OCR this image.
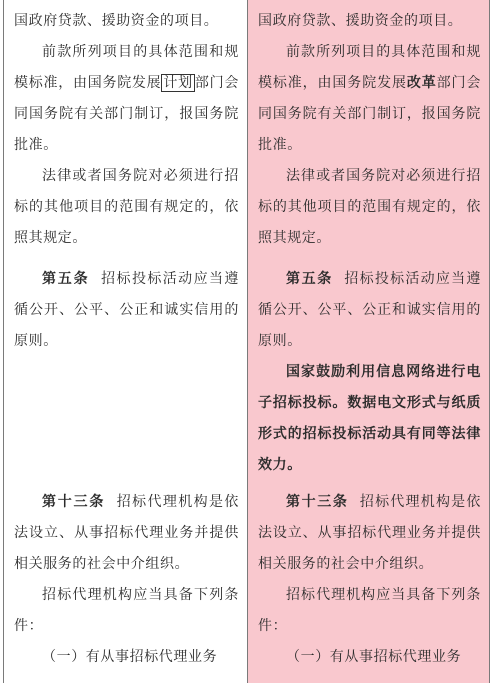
国政府贷款、援助资金的项目。

前款所列项目的具体范围和规模标准，由国务院发展 计划 部门会同国务院有关部门制订，报国务院批准。

法律或者国务院对必须进行招标的其他项目的范围有规定的，依照其规定。

国政府贷款、援助资金的项目。

前款所列项目的具体范围和规模标准，由国务院发展改革部门会同国务院有关部门制订，报国务院批准。

法律或者国务院对必须进行招标的其他项目的范围有规定的，依照其规定。

第五条 招标投标活动应当遵循公开、公平、公正和诚实信用的原则。

第五条 招标投标活动应当遵循公开、公平、公正和诚实信用的原则。

国家鼓励利用信息网络进行电子招标投标。数据电文形式与纸质形式的招标投标活动具有同等法律效力。

第十三条 招标代理机构是依法设立、从事招标代理业务并提供相关服务的社会中介组织。

招标代理机构应当具备下列条件：

（一）有从事招标代理业务

第十三条 招标代理机构是依法设立、从事招标代理业务并提供相关服务的社会中介组织。

招标代理机构应当具备下列条件：

（一）有从事招标代理业务
